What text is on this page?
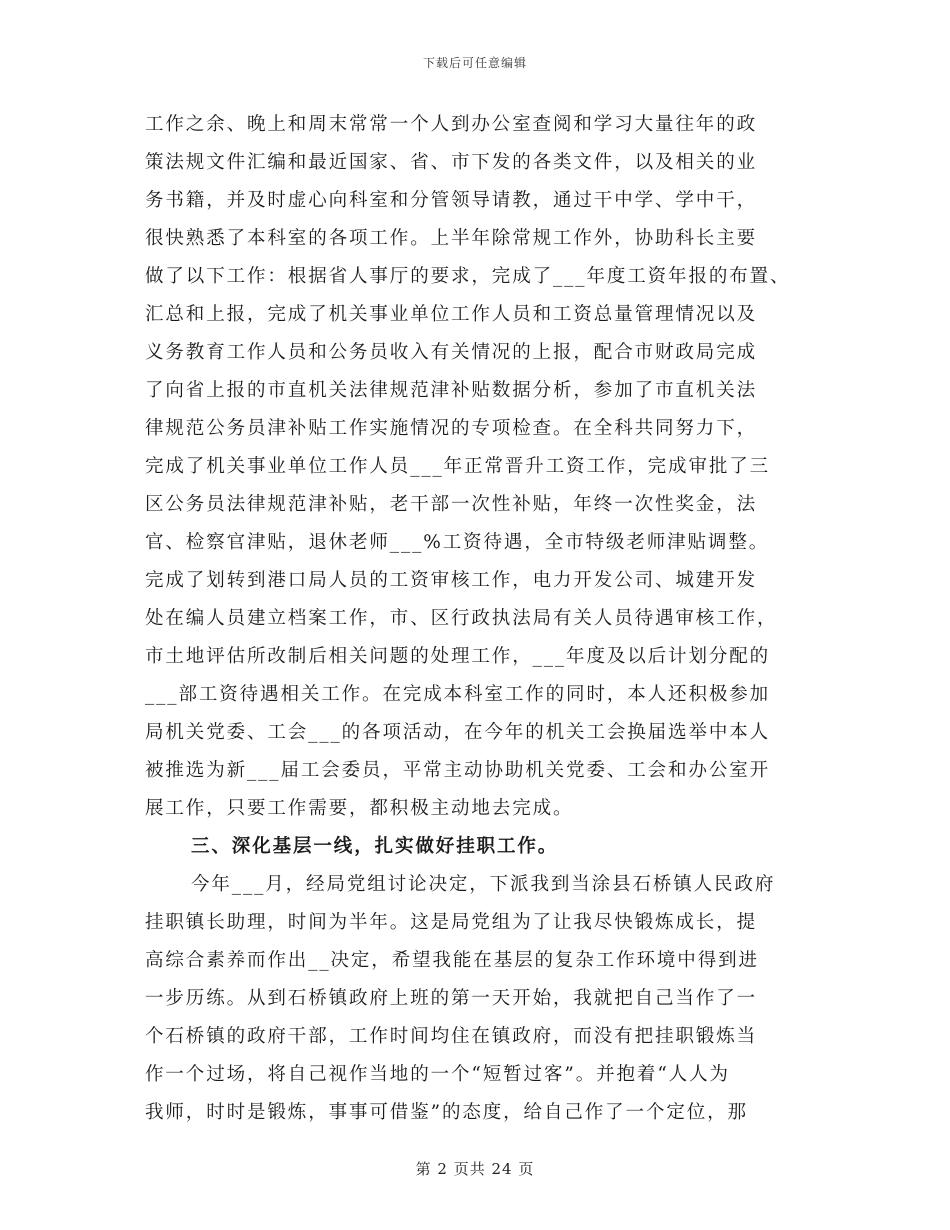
下载后可任意编辑
工作之余、晚上和周末常常一个人到办公室查阅和学习大量往年的政
策法规文件汇编和最近国家、省、市下发的各类文件，以及相关的业
务书籍，并及时虚心向科室和分管领导请教，通过干中学、学中干，
很快熟悉了本科室的各项工作。上半年除常规工作外，协助科长主要
做了以下工作：根据省人事厅的要求，完成了___年度工资年报的布置、
汇总和上报，完成了机关事业单位工作人员和工资总量管理情况以及
义务教育工作人员和公务员收入有关情况的上报，配合市财政局完成
了向省上报的市直机关法律规范津补贴数据分析，参加了市直机关法
律规范公务员津补贴工作实施情况的专项检查。在全科共同努力下，
完成了机关事业单位工作人员___年正常晋升工资工作，完成审批了三
区公务员法律规范津补贴，老干部一次性补贴，年终一次性奖金，法
官、检察官津贴，退休老师___%工资待遇，全市特级老师津贴调整。
完成了划转到港口局人员的工资审核工作，电力开发公司、城建开发
处在编人员建立档案工作，市、区行政执法局有关人员待遇审核工作，
市土地评估所改制后相关问题的处理工作，___年度及以后计划分配的
___部工资待遇相关工作。在完成本科室工作的同时，本人还积极参加
局机关党委、工会___的各项活动，在今年的机关工会换届选举中本人
被推选为新___届工会委员，平常主动协助机关党委、工会和办公室开
展工作，只要工作需要，都积极主动地去完成。
三、深化基层一线，扎实做好挂职工作。
今年___月，经局党组讨论决定，下派我到当涂县石桥镇人民政府
挂职镇长助理，时间为半年。这是局党组为了让我尽快锻炼成长，提
高综合素养而作出__决定，希望我能在基层的复杂工作环境中得到进
一步历练。从到石桥镇政府上班的第一天开始，我就把自己当作了一
个石桥镇的政府干部，工作时间均住在镇政府，而没有把挂职锻炼当
作一个过场，将自己视作当地的一个“短暂过客”。并抱着“人人为
我师，时时是锻炼，事事可借鉴”的态度，给自己作了一个定位，那
第 2 页共 24 页
